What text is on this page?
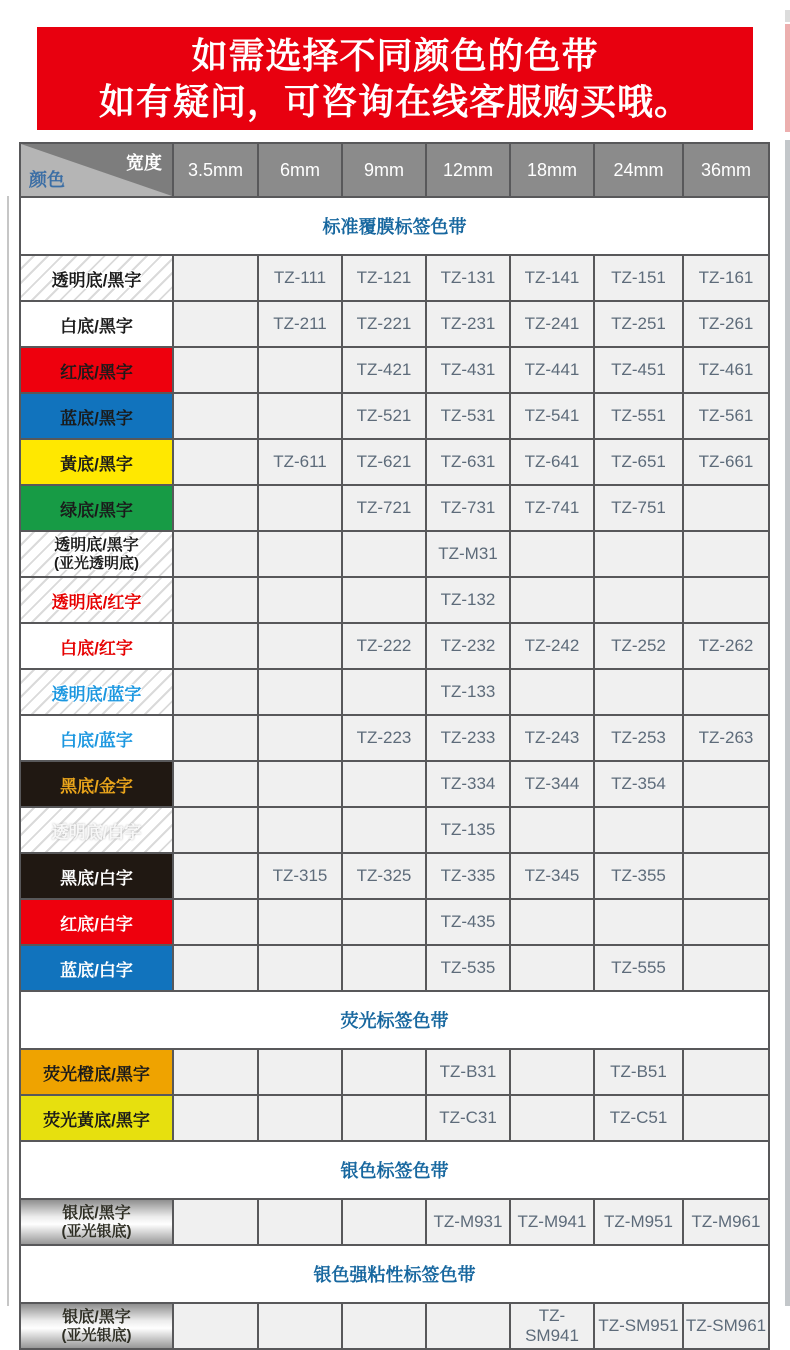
如需选择不同颜色的色带
如有疑问，可咨询在线客服购买哦。
宽度
颜色	3.5mm	6mm	9mm	12mm	18mm	24mm	36mm
标准覆膜标签色带							

透明底/黑字		TZ-111	TZ-121	TZ-131	TZ-141	TZ-151	TZ-161

白底/黑字		TZ-211	TZ-221	TZ-231	TZ-241	TZ-251	TZ-261

红底/黑字			TZ-421	TZ-431	TZ-441	TZ-451	TZ-461

蓝底/黑字			TZ-521	TZ-531	TZ-541	TZ-551	TZ-561

黃底/黑字		TZ-611	TZ-621	TZ-631	TZ-641	TZ-651	TZ-661

绿底/黑字			TZ-721	TZ-731	TZ-741	TZ-751	

透明底/黑字
(亚光透明底)				TZ-M31			

透明底/红字				TZ-132			

白底/红字			TZ-222	TZ-232	TZ-242	TZ-252	TZ-262

透明底/蓝字				TZ-133			

白底/蓝字			TZ-223	TZ-233	TZ-243	TZ-253	TZ-263

黑底/金字				TZ-334	TZ-344	TZ-354	

透明底/白字				TZ-135			

黑底/白字		TZ-315	TZ-325	TZ-335	TZ-345	TZ-355	

红底/白字				TZ-435			

蓝底/白字				TZ-535		TZ-555	
荧光标签色带							

荧光橙底/黑字				TZ-B31		TZ-B51	

荧光黃底/黑字				TZ-C31		TZ-C51	
银色标签色带							

银底/黑字
(亚光银底)				TZ-M931	TZ-M941	TZ-M951	TZ-M961
银色强粘性标签色带							

银底/黑字
(亚光银底)					TZ-SM941	TZ-SM951	TZ-SM961
